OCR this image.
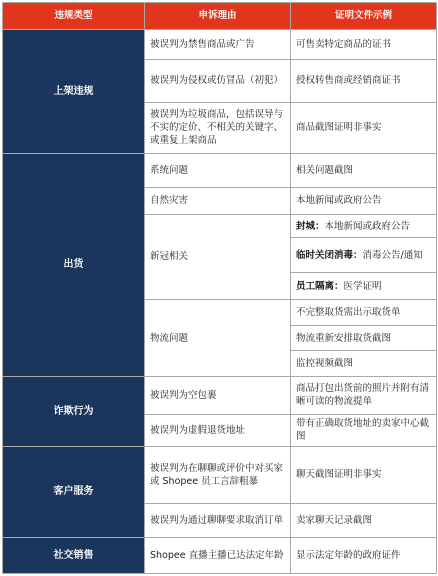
违规类型	申诉理由	证明文件示例
上架违规	被误判为禁售商品或广告	可售卖特定商品的证书
	被误判为侵权或仿冒品（初犯）	授权转售商或经销商证书
	被误判为垃圾商品，包括误导与不实的定价、不相关的关键字、或重复上架商品	商品截图证明非事实
出货	系统问题	相关问题截图
	自然灾害	本地新闻或政府公告
	新冠相关	封城：本地新闻或政府公告
		临时关闭消毒：消毒公告/通知
		员工隔离：医学证明
	物流问题	不完整取货需出示取货单
		物流重新安排取货截图
		监控视频截图
诈欺行为	被误判为空包裹	商品打包出货前的照片并附有清晰可读的物流提单
	被误判为虚假退货地址	带有正确取货地址的卖家中心截图
客户服务	被误判为在聊聊或评价中对买家或 Shopee 员工言辞粗暴	聊天截图证明非事实
	被误判为通过聊聊要求取消订单	卖家聊天记录截图
社交销售	Shopee 直播主播已达法定年龄	显示法定年龄的政府证件
